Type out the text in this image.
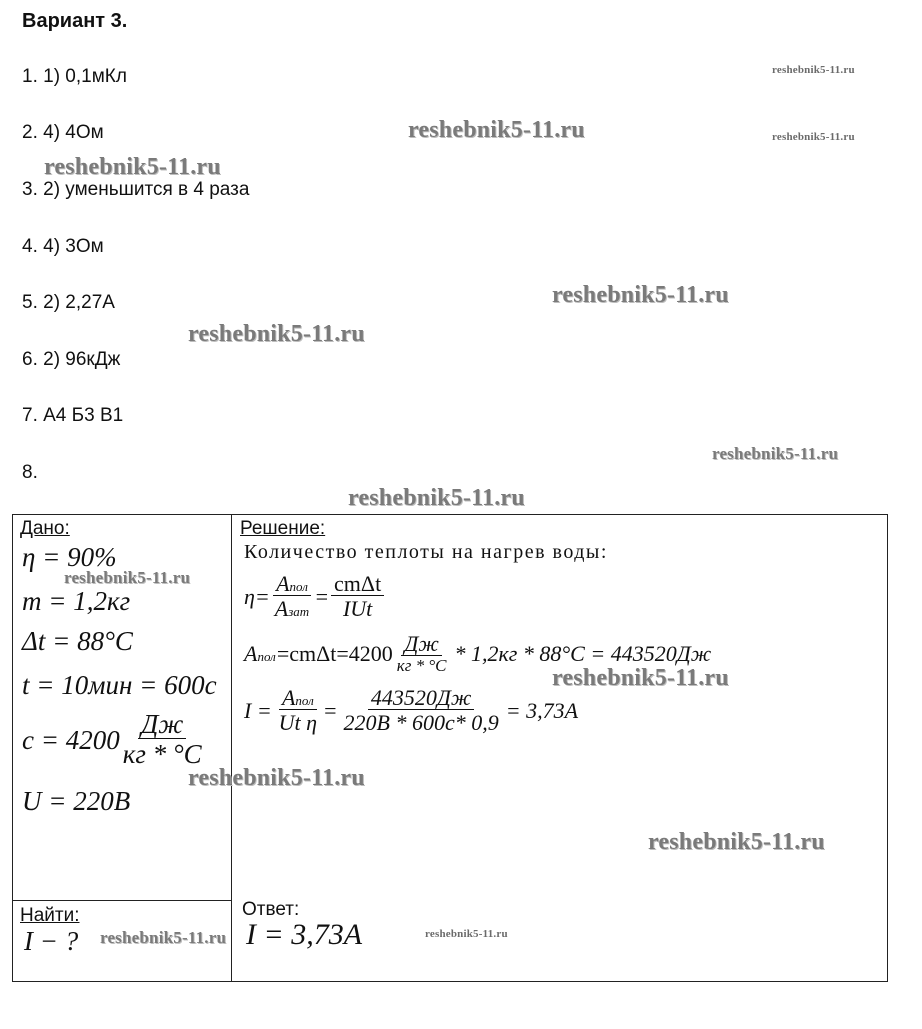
Вариант 3.
1. 1) 0,1мКл
2. 4) 4Ом
3. 2) уменьшится в 4 раза
4. 4) 3Ом
5. 2) 2,27А
6. 2) 96кДж
7. А4 Б3 В1
8.
Дано:
η = 90%
m = 1,2кг
Δt = 88°C
t = 10мин = 600с
$c = 4200 \frac{Дж}{кг * ^\circ C}$
U = 220B
Найти:
I − ?
Решение:
Количество теплоты на нагрев воды:
$\eta= \frac{\text{Aпол}}{\text{Aзат}} = \frac{\text{cmΔt}}{\text{IUt}}$
Aпол $=cm\Delta t=4200 \frac{Дж}{кг * ^\circ C} * 1,2кг * 88^\circ C = 443520Дж$
$I = \frac{\text{Aпол}}{\text{Ut η}} = \frac{443520Дж}{220B * 600с* 0,9} = 3,73A$
Ответ:
I = 3,73A
reshebnik5-11.ru
reshebnik5-11.ru	reshebnik5-11.ru
reshebnik5-11.ru
reshebnik5-11.ru
reshebnik5-11.ru
reshebnik5-11.ru
reshebnik5-11.ru
reshebnik5-11.ru
reshebnik5-11.ru
reshebnik5-11.ru
reshebnik5-11.ru
reshebnik5-11.ru	reshebnik5-11.ru
